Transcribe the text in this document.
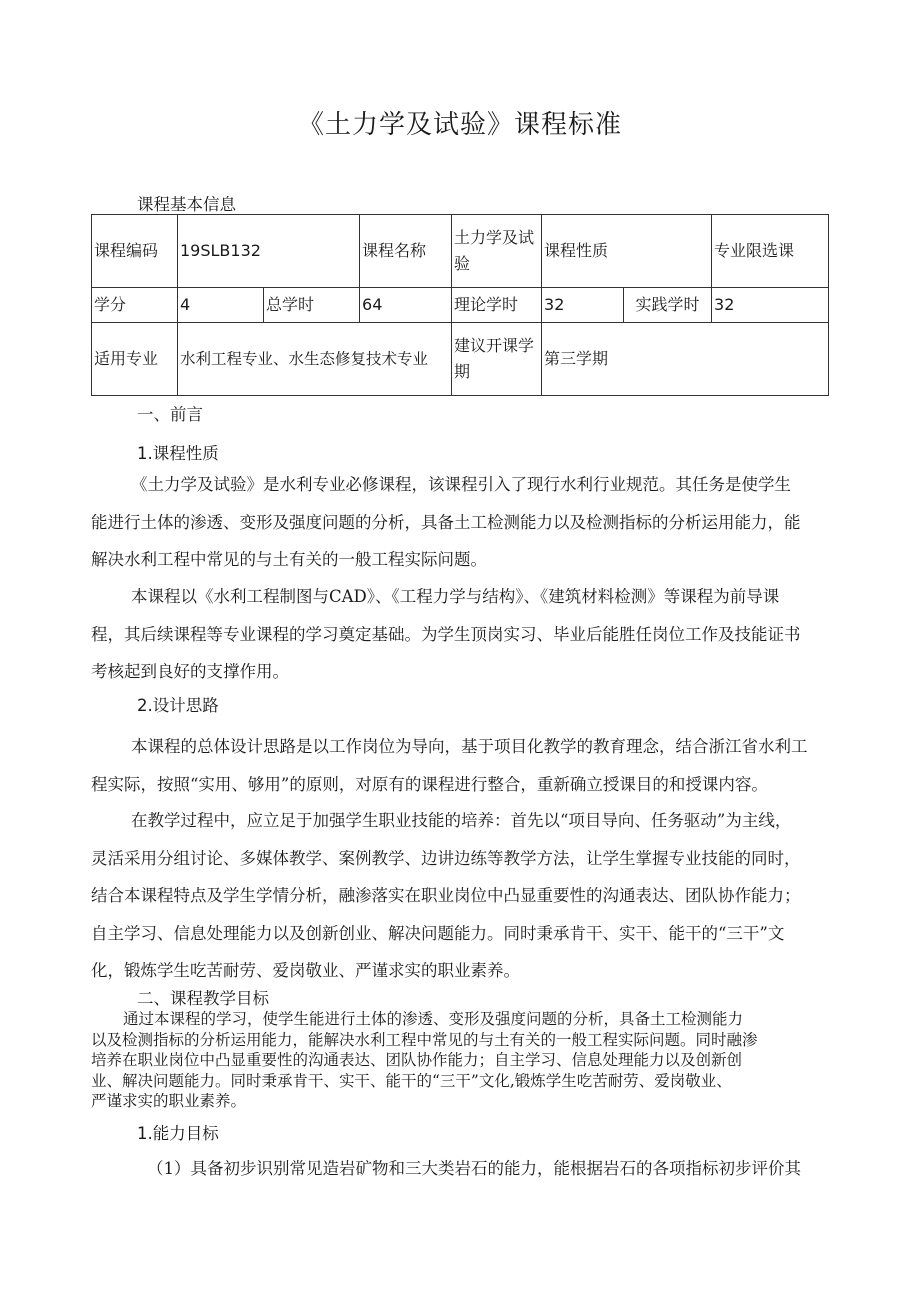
《土力学及试验》课程标准
课程基本信息
课程编码	19SLB132		课程名称	土力学及试验	课程性质		专业限选课
学分	4	总学时	64	理论学时	32	实践学时	32
适用专业	水利工程专业、水生态修复技术专业			建议开课学期	第三学期		
一、前言
1.课程性质
《土力学及试验》是水利专业必修课程，该课程引入了现行水利行业规范。其任务是使学生
能进行土体的渗透、变形及强度问题的分析，具备土工检测能力以及检测指标的分析运用能力，能
解决水利工程中常见的与土有关的一般工程实际问题。
本课程以《水利工程制图与CAD》、《工程力学与结构》、《建筑材料检测》等课程为前导课
程，其后续课程等专业课程的学习奠定基础。为学生顶岗实习、毕业后能胜任岗位工作及技能证书
考核起到良好的支撑作用。
2.设计思路
本课程的总体设计思路是以工作岗位为导向，基于项目化教学的教育理念，结合浙江省水利工
程实际，按照“实用、够用”的原则，对原有的课程进行整合，重新确立授课目的和授课内容。
在教学过程中，应立足于加强学生职业技能的培养：首先以“项目导向、任务驱动”为主线，
灵活采用分组讨论、多媒体教学、案例教学、边讲边练等教学方法，让学生掌握专业技能的同时，
结合本课程特点及学生学情分析，融渗落实在职业岗位中凸显重要性的沟通表达、团队协作能力；
自主学习、信息处理能力以及创新创业、解决问题能力。同时秉承肯干、实干、能干的“三干”文
化，锻炼学生吃苦耐劳、爱岗敬业、严谨求实的职业素养。
二、课程教学目标
通过本课程的学习，使学生能进行土体的渗透、变形及强度问题的分析，具备土工检测能力
以及检测指标的分析运用能力，能解决水利工程中常见的与土有关的一般工程实际问题。同时融渗
培养在职业岗位中凸显重要性的沟通表达、团队协作能力；自主学习、信息处理能力以及创新创
业、解决问题能力。同时秉承肯干、实干、能干的“三干”文化,锻炼学生吃苦耐劳、爱岗敬业、
严谨求实的职业素养。
1.能力目标
（1）具备初步识别常见造岩矿物和三大类岩石的能力，能根据岩石的各项指标初步评价其
